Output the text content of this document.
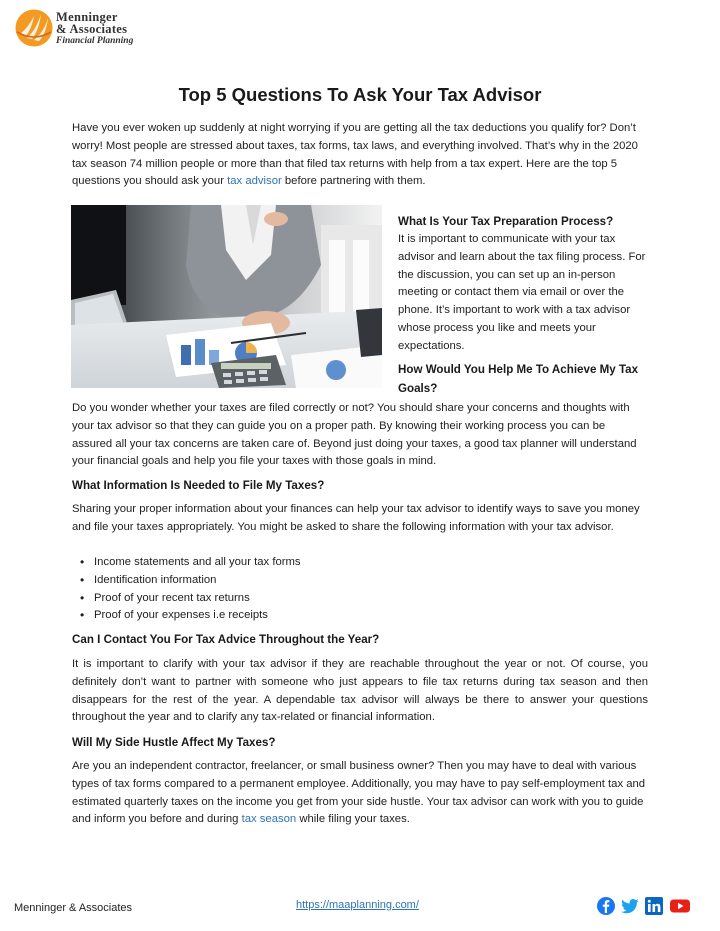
Menninger
& Associates
Financial Planning
Top 5 Questions To Ask Your Tax Advisor

Have you ever woken up suddenly at night worrying if you are getting all the tax deductions you qualify for? Don’t worry! Most people are stressed about taxes, tax forms, tax laws, and everything involved. That’s why in the 2020 tax season 74 million people or more than that filed tax returns with help from a tax expert. Here are the top 5 questions you should ask your tax advisor before partnering with them.

What Is Your Tax Preparation Process?

It is important to communicate with your tax advisor and learn about the tax filing process. For the discussion, you can set up an in-person meeting or contact them via email or over the phone. It’s important to work with a tax advisor whose process you like and meets your expectations.

How Would You Help Me To Achieve My Tax Goals?

Do you wonder whether your taxes are filed correctly or not? You should share your concerns and thoughts with your tax advisor so that they can guide you on a proper path. By knowing their working process you can be assured all your tax concerns are taken care of. Beyond just doing your taxes, a good tax planner will understand your financial goals and help you file your taxes with those goals in mind.

What Information Is Needed to File My Taxes?

Sharing your proper information about your finances can help your tax advisor to identify ways to save you money and file your taxes appropriately. You might be asked to share the following information with your tax advisor.

• Income statements and all your tax forms
• Identification information
• Proof of your recent tax returns
• Proof of your expenses i.e receipts

Can I Contact You For Tax Advice Throughout the Year?

It is important to clarify with your tax advisor if they are reachable throughout the year or not. Of course, you definitely don’t want to partner with someone who just appears to file tax returns during tax season and then disappears for the rest of the year. A dependable tax advisor will always be there to answer your questions throughout the year and to clarify any tax-related or financial information.

Will My Side Hustle Affect My Taxes?

Are you an independent contractor, freelancer, or small business owner? Then you may have to deal with various types of tax forms compared to a permanent employee. Additionally, you may have to pay self-employment tax and estimated quarterly taxes on the income you get from your side hustle. Your tax advisor can work with you to guide and inform you before and during tax season while filing your taxes.

Menninger & Associates	https://maaplanning.com/
